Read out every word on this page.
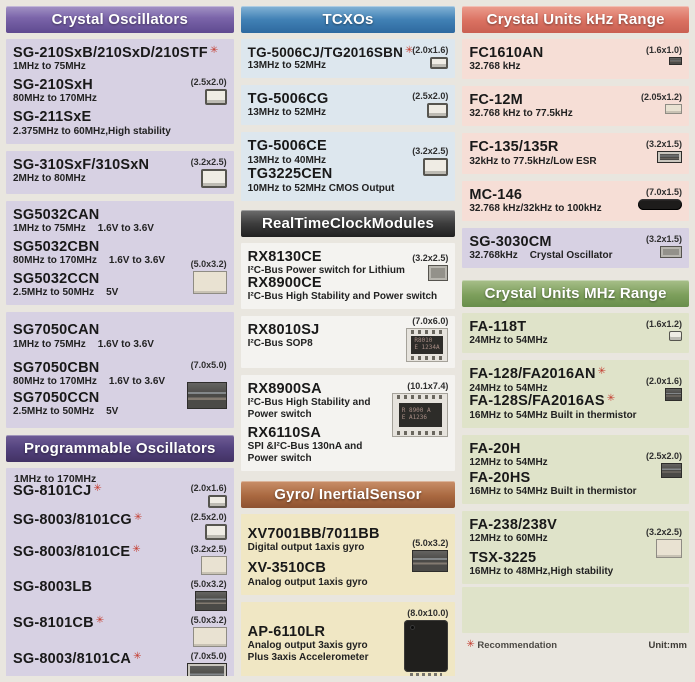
Crystal Oscillators
SG-210SxB/210SxD/210STF ✳
1MHz to 75MHz
SG-210SxH
80MHz to 170MHz
(2.5x2.0)
SG-211SxE
2.375MHz to 60MHz,High stability
SG-310SxF/310SxN
2MHz to 80MHz
(3.2x2.5)
SG5032CAN
1MHz to 75MHz 1.6V to 3.6V
SG5032CBN
80MHz to 170MHz 1.6V to 3.6V
SG5032CCN
2.5MHz to 50MHz 5V
(5.0x3.2)
SG7050CAN
1MHz to 75MHz 1.6V to 3.6V
SG7050CBN
80MHz to 170MHz 1.6V to 3.6V
(7.0x5.0)
SG7050CCN
2.5MHz to 50MHz 5V
Programmable Oscillators
1MHz to 170MHz
SG-8101CJ ✳	(2.0x1.6)
SG-8003/8101CG ✳	(2.5x2.0)
SG-8003/8101CE ✳	(3.2x2.5)
SG-8003LB	(5.0x3.2)
SG-8101CB ✳	(5.0x3.2)
SG-8003/8101CA ✳	(7.0x5.0)
TCXOs
TG-5006CJ/TG2016SBN ✳
13MHz to 52MHz
(2.0x1.6)
TG-5006CG
13MHz to 52MHz
(2.5x2.0)
TG-5006CE
13MHz to 40MHz
(3.2x2.5)
TG3225CEN
10MHz to 52MHz CMOS Output
RealTimeClockModules
RX8130CE
I²C-Bus Power switch for Lithium
(3.2x2.5)
RX8900CE
I²C-Bus High Stability and Power switch
RX8010SJ
I²C-Bus SOP8
(7.0x6.0)
R8010
E 1234A
RX8900SA
I²C-Bus High Stability and Power switch
(10.1x7.4)
R 8900 A
E A1236
RX6110SA
SPI &I²C-Bus 130nA and Power switch
Gyro/ InertialSensor
XV7001BB/7011BB
Digital output 1axis gyro
XV-3510CB
Analog output 1axis gyro
(5.0x3.2)
AP-6110LR
Analog output 3axis gyro Plus 3axis Accelerometer
(8.0x10.0)
Crystal Units kHz Range
FC1610AN
32.768 kHz
(1.6x1.0)
FC-12M
32.768 kHz to 77.5kHz
(2.05x1.2)
FC-135/135R
32kHz to 77.5kHz/Low ESR
(3.2x1.5)
MC-146
32.768 kHz/32kHz to 100kHz
(7.0x1.5)
SG-3030CM
32.768kHz Crystal Oscillator
(3.2x1.5)
Crystal Units MHz Range
FA-118T
24MHz to 54MHz
(1.6x1.2)
FA-128/FA2016AN ✳
24MHz to 54MHz
(2.0x1.6)
FA-128S/FA2016AS ✳
16MHz to 54MHz Built in thermistor
FA-20H
12MHz to 54MHz
(2.5x2.0)
FA-20HS
16MHz to 54MHz Built in thermistor
FA-238/238V
12MHz to 60MHz
(3.2x2.5)
TSX-3225
16MHz to 48MHz,High stability
✳ Recommendation	Unit:mm
